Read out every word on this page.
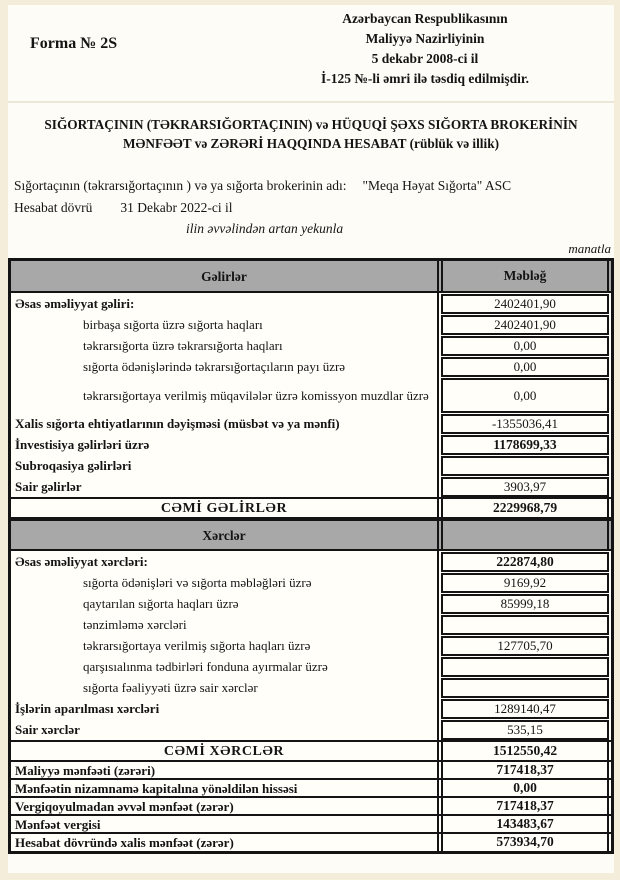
Forma № 2S
Azərbaycan Respublikasının
Maliyyə Nazirliyinin
5 dekabr 2008-ci il
İ-125 №-li əmri ilə təsdiq edilmişdir.
SIĞORTAÇININ (TƏKRARSIĞORTAÇININ) və HÜQUQİ ŞƏXS SIĞORTA BROKERİNİN
MƏNFƏƏT və ZƏRƏRİ HAQQINDA HESABAT (rüblük və illik)
Sığortaçının (təkrarsığortaçının ) və ya sığorta brokerinin adı: "Meqa Həyat Sığorta" ASC
Hesabat dövrü 31 Dekabr 2022-ci il
ilin əvvəlindən artan yekunla
manatla
Gəlirlər	Məbləğ
Əsas əməliyyat gəliri:	2402401,90
birbaşa sığorta üzrə sığorta haqları	2402401,90
təkrarsığorta üzrə təkrarsığorta haqları	0,00
sığorta ödənişlərində təkrarsığortaçıların payı üzrə	0,00
təkrarsığortaya verilmiş müqavilələr üzrə komissyon muzdlar üzrə	0,00
Xalis sığorta ehtiyatlarının dəyişməsi (müsbət və ya mənfi)	-1355036,41
İnvestisiya gəlirləri üzrə	1178699,33
Subroqasiya gəlirləri
Sair gəlirlər	3903,97
CƏMİ GƏLİRLƏR	2229968,79
Xərclər
Əsas əməliyyat xərcləri:	222874,80
sığorta ödənişləri və sığorta məbləğləri üzrə	9169,92
qaytarılan sığorta haqları üzrə	85999,18
tənzimləmə xərcləri
təkrarsığortaya verilmiş sığorta haqları üzrə	127705,70
qarşısıalınma tədbirləri fonduna ayırmalar üzrə
sığorta fəaliyyəti üzrə sair xərclər
İşlərin aparılması xərcləri	1289140,47
Sair xərclər	535,15
CƏMİ XƏRCLƏR	1512550,42
Maliyyə mənfəəti (zərəri)	717418,37
Mənfəətin nizamnamə kapitalına yönəldilən hissəsi	0,00
Vergiqoyulmadan əvvəl mənfəət (zərər)	717418,37
Mənfəət vergisi	143483,67
Hesabat dövründə xalis mənfəət (zərər)	573934,70
